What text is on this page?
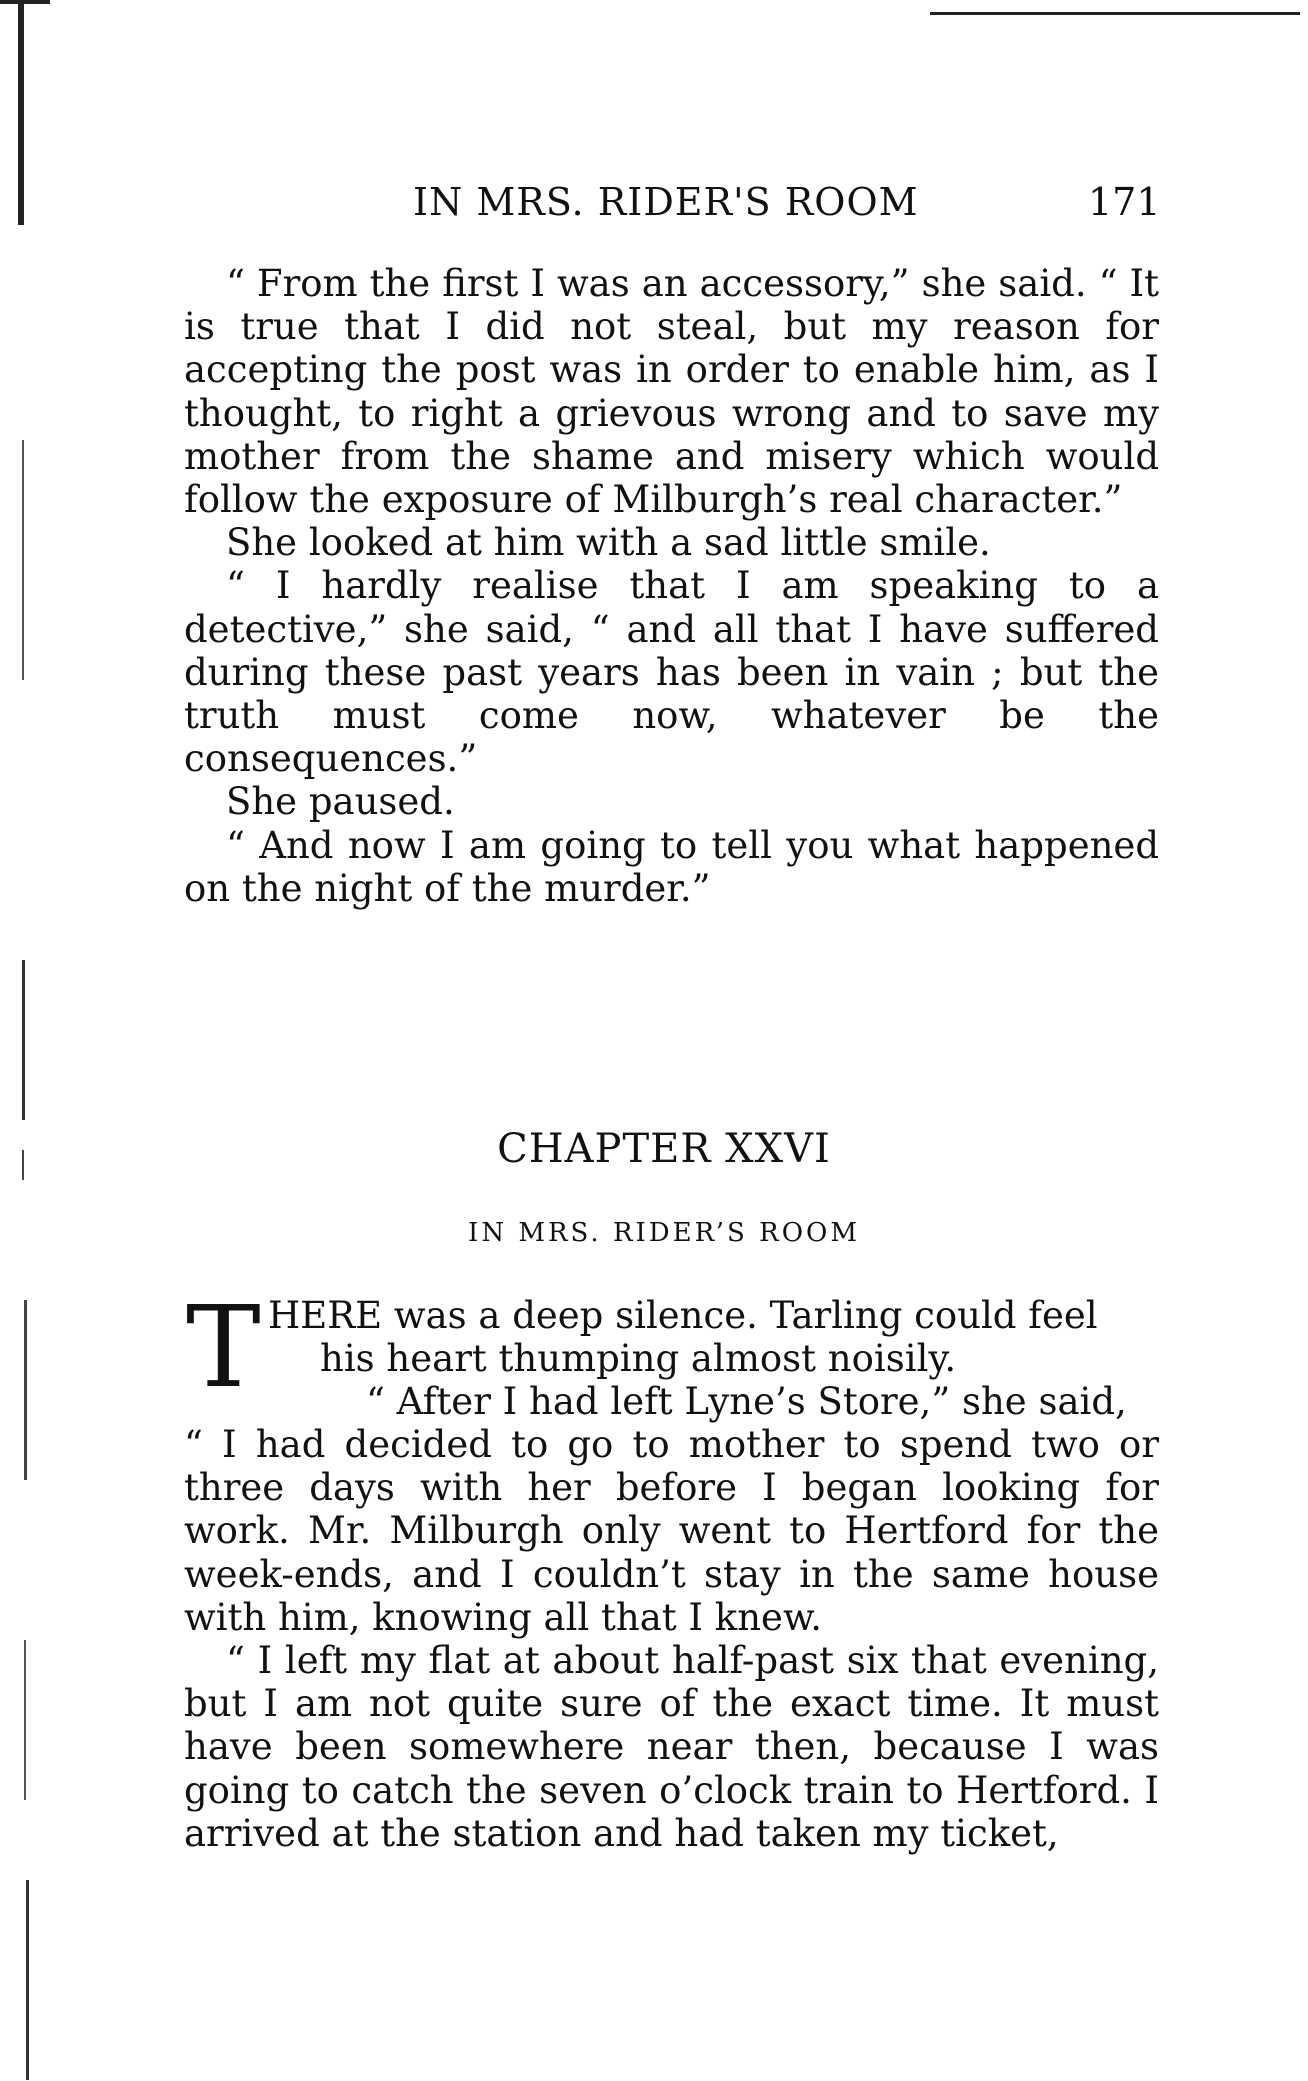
IN MRS. RIDER'S ROOM	171

“ From the first I was an accessory,” she said. “ It is true that I did not steal, but my reason for accepting the post was in order to enable him, as I thought, to right a grievous wrong and to save my mother from the shame and misery which would follow the exposure of Milburgh’s real character.”

She looked at him with a sad little smile.

“ I hardly realise that I am speaking to a detective,” she said, “ and all that I have suffered during these past years has been in vain ; but the truth must come now, whatever be the consequences.”

She paused.

“ And now I am going to tell you what happened on the night of the murder.”

CHAPTER XXVI
IN MRS. RIDER’S ROOM
T HERE was a deep silence. Tarling could feel

his heart thumping almost noisily.

“ After I had left Lyne’s Store,” she said,

“ I had decided to go to mother to spend two or three days with her before I began looking for work. Mr. Milburgh only went to Hertford for the week-ends, and I couldn’t stay in the same house with him, knowing all that I knew.

“ I left my flat at about half-past six that evening, but I am not quite sure of the exact time. It must have been somewhere near then, because I was going to catch the seven o’clock train to Hertford. I arrived at the station and had taken my ticket,
